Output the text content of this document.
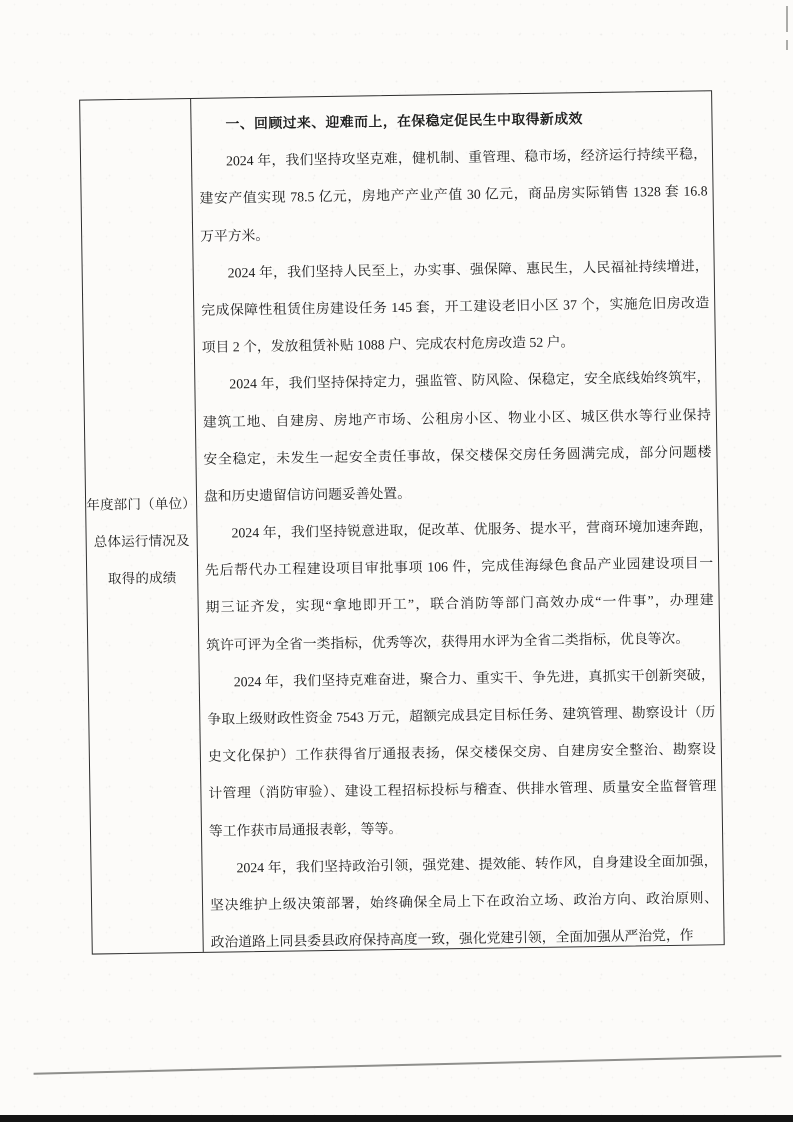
年度部门（单位）
总体运行情况及
取得的成绩
一、回顾过来、迎难而上，在保稳定促民生中取得新成效
2024 年，我们坚持攻坚克难，健机制、重管理、稳市场，经济运行持续平稳，
建安产值实现 78.5 亿元，房地产产业产值 30 亿元，商品房实际销售 1328 套 16.8
万平方米。
2024 年，我们坚持人民至上，办实事、强保障、惠民生，人民福祉持续增进，
完成保障性租赁住房建设任务 145 套，开工建设老旧小区 37 个，实施危旧房改造
项目 2 个，发放租赁补贴 1088 户、完成农村危房改造 52 户。
2024 年，我们坚持保持定力，强监管、防风险、保稳定，安全底线始终筑牢，
建筑工地、自建房、房地产市场、公租房小区、物业小区、城区供水等行业保持
安全稳定，未发生一起安全责任事故，保交楼保交房任务圆满完成，部分问题楼
盘和历史遗留信访问题妥善处置。
2024 年，我们坚持锐意进取，促改革、优服务、提水平，营商环境加速奔跑，
先后帮代办工程建设项目审批事项 106 件，完成佳海绿色食品产业园建设项目一
期三证齐发，实现“拿地即开工”，联合消防等部门高效办成“一件事”，办理建
筑许可评为全省一类指标，优秀等次，获得用水评为全省二类指标，优良等次。
2024 年，我们坚持克难奋进，聚合力、重实干、争先进，真抓实干创新突破，
争取上级财政性资金 7543 万元，超额完成县定目标任务、建筑管理、勘察设计（历
史文化保护）工作获得省厅通报表扬，保交楼保交房、自建房安全整治、勘察设
计管理（消防审验）、建设工程招标投标与稽查、供排水管理、质量安全监督管理
等工作获市局通报表彰，等等。
2024 年，我们坚持政治引领，强党建、提效能、转作风，自身建设全面加强，
坚决维护上级决策部署，始终确保全局上下在政治立场、政治方向、政治原则、
政治道路上同县委县政府保持高度一致，强化党建引领，全面加强从严治党，作
